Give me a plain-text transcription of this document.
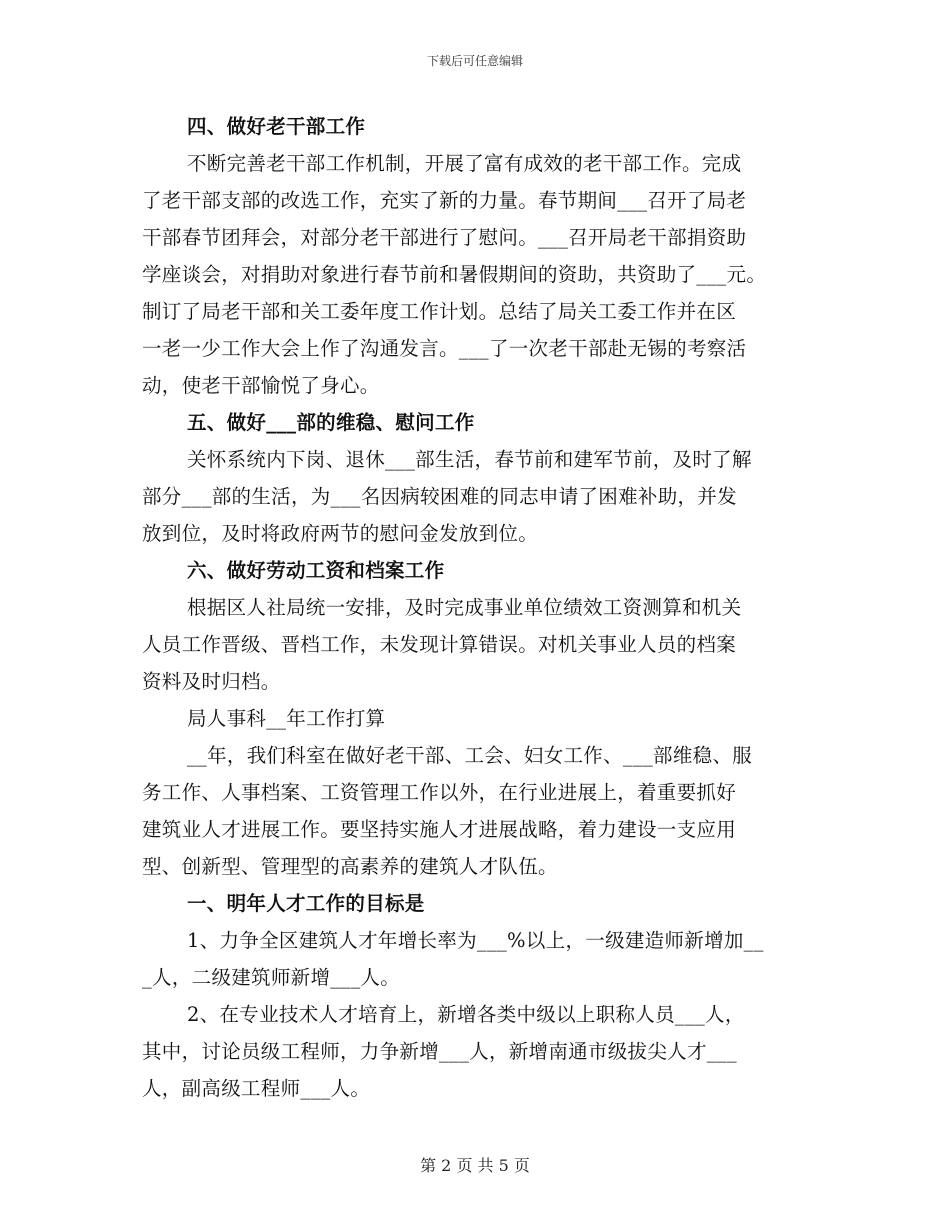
下载后可任意编辑
四、做好老干部工作
不断完善老干部工作机制，开展了富有成效的老干部工作。完成
了老干部支部的改选工作，充实了新的力量。春节期间___召开了局老
干部春节团拜会，对部分老干部进行了慰问。___召开局老干部捐资助
学座谈会，对捐助对象进行春节前和暑假期间的资助，共资助了___元。
制订了局老干部和关工委年度工作计划。总结了局关工委工作并在区
一老一少工作大会上作了沟通发言。___了一次老干部赴无锡的考察活
动，使老干部愉悦了身心。
五、做好___部的维稳、慰问工作
关怀系统内下岗、退休___部生活，春节前和建军节前，及时了解
部分___部的生活，为___名因病较困难的同志申请了困难补助，并发
放到位，及时将政府两节的慰问金发放到位。
六、做好劳动工资和档案工作
根据区人社局统一安排，及时完成事业单位绩效工资测算和机关
人员工作晋级、晋档工作，未发现计算错误。对机关事业人员的档案
资料及时归档。
局人事科__年工作打算
__年，我们科室在做好老干部、工会、妇女工作、___部维稳、服
务工作、人事档案、工资管理工作以外，在行业进展上，着重要抓好
建筑业人才进展工作。要坚持实施人才进展战略，着力建设一支应用
型、创新型、管理型的高素养的建筑人才队伍。
一、明年人才工作的目标是
1、力争全区建筑人才年增长率为___%以上，一级建造师新增加__
_人，二级建筑师新增___人。
2、在专业技术人才培育上，新增各类中级以上职称人员___人，
其中，讨论员级工程师，力争新增___人，新增南通市级拔尖人才___
人，副高级工程师___人。
第 2 页 共 5 页
